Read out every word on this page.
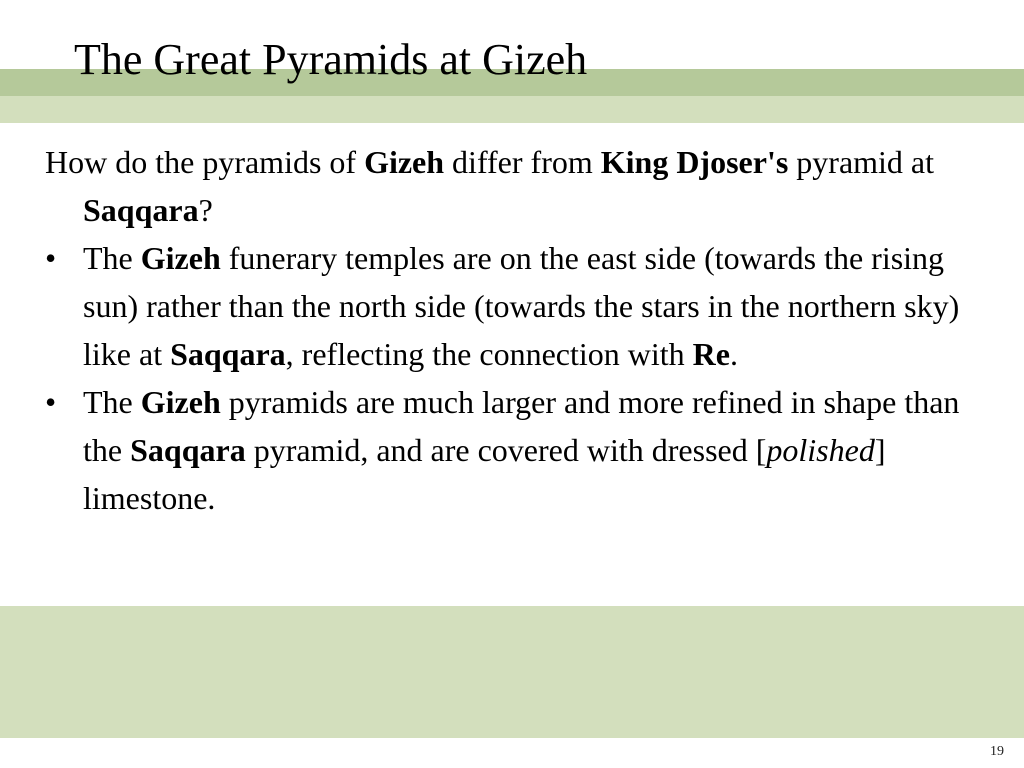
The Great Pyramids at Gizeh

How do the pyramids of Gizeh differ from King Djoser's pyramid at Saqqara?

• The Gizeh funerary temples are on the east side (towards the rising sun) rather than the north side (towards the stars in the northern sky) like at Saqqara, reflecting the connection with Re.
• The Gizeh pyramids are much larger and more refined in shape than the Saqqara pyramid, and are covered with dressed [polished] limestone.
19
